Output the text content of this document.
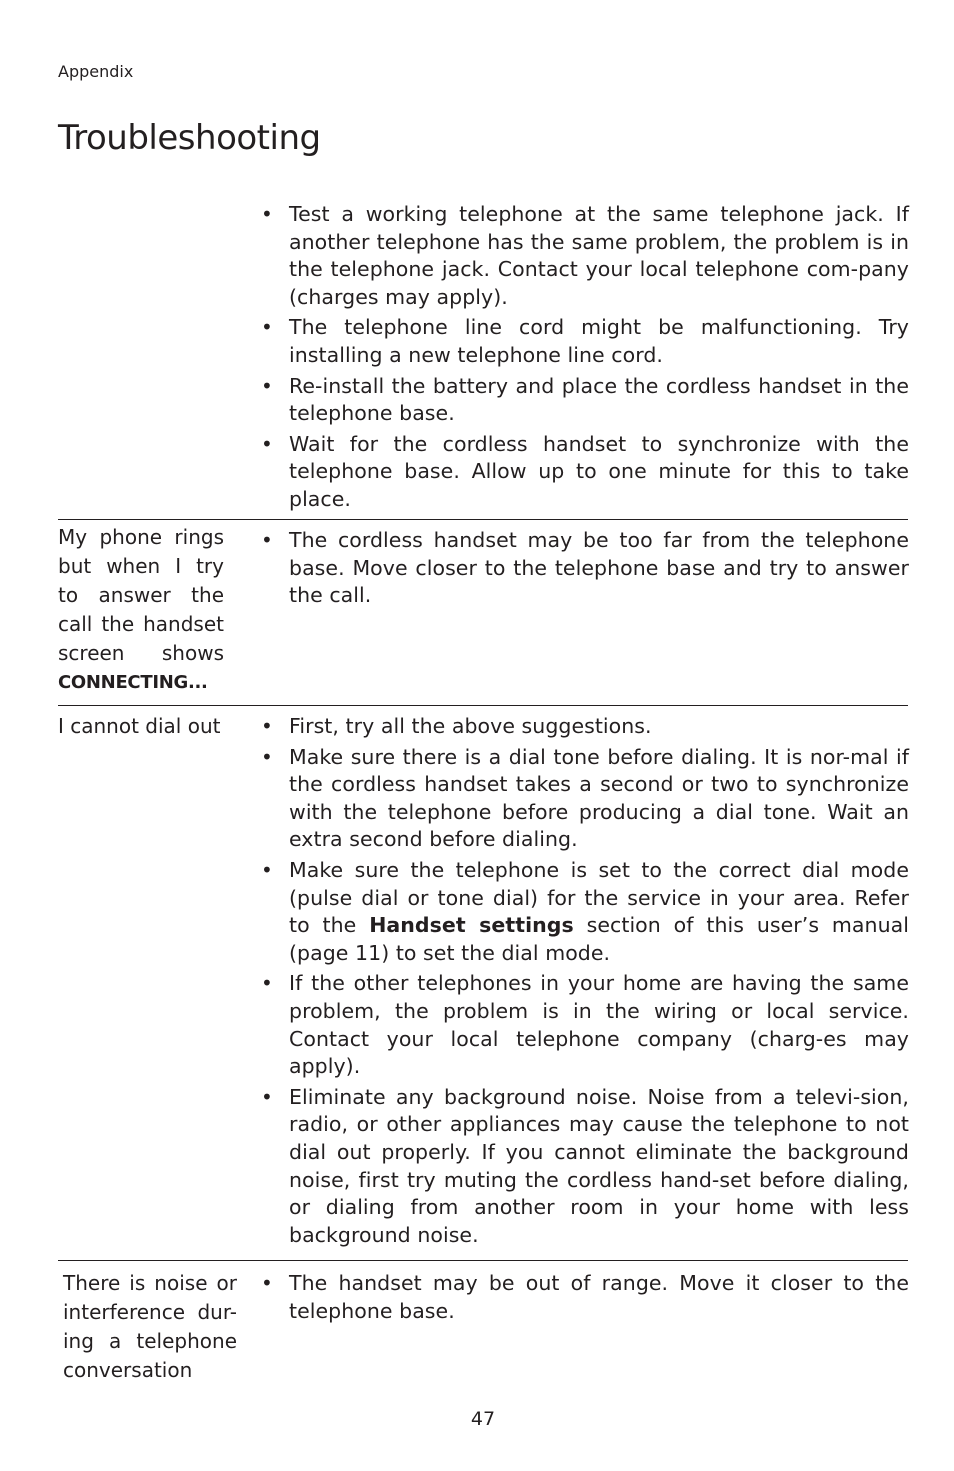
Appendix
Troubleshooting
• Test a working telephone at the same telephone jack. If another telephone has the same problem, the problem is in the telephone jack. Contact your local telephone com-pany (charges may apply).
• The telephone line cord might be malfunctioning. Try installing a new telephone line cord.
• Re-install the battery and place the cordless handset in the telephone base.
• Wait for the cordless handset to synchronize with the telephone base. Allow up to one minute for this to take place.
My phone rings
but when I try
to answer the
call the handset
screen shows
CONNECTING...
• The cordless handset may be too far from the telephone base. Move closer to the telephone base and try to answer the call.
I cannot dial out • First, try all the above suggestions.
• Make sure there is a dial tone before dialing. It is nor-mal if the cordless handset takes a second or two to synchronize with the telephone before producing a dial tone. Wait an extra second before dialing.
• Make sure the telephone is set to the correct dial mode (pulse dial or tone dial) for the service in your area. Refer to the Handset settings section of this user’s manual (page 11) to set the dial mode.
• If the other telephones in your home are having the same problem, the problem is in the wiring or local service. Contact your local telephone company (charg-es may apply).
• Eliminate any background noise. Noise from a televi-sion, radio, or other appliances may cause the telephone to not dial out properly. If you cannot eliminate the background noise, first try muting the cordless hand-set before dialing, or dialing from another room in your home with less background noise.
There is noise or
interference dur-
ing a telephone
conversation
• The handset may be out of range. Move it closer to the telephone base.
47
